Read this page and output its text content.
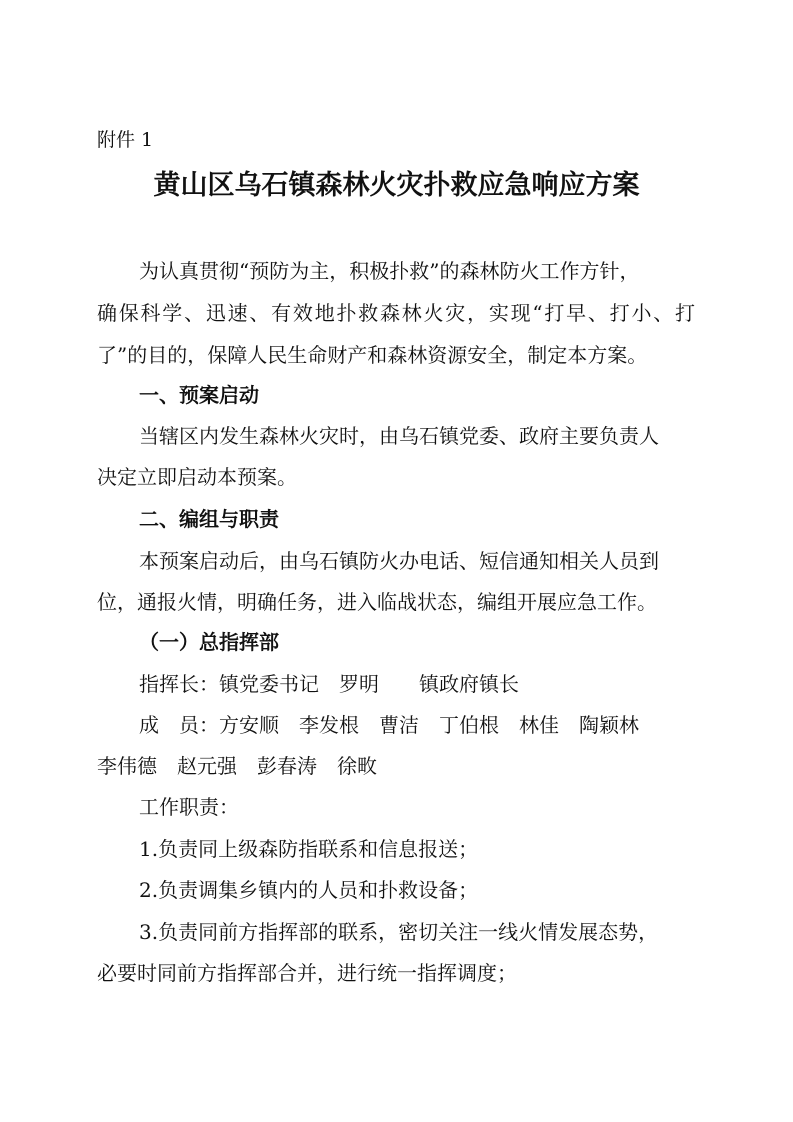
附件 1
黄山区乌石镇森林火灾扑救应急响应方案
为认真贯彻“预防为主，积极扑救”的森林防火工作方针，
确保科学、迅速、有效地扑救森林火灾，实现“打早、打小、打
了”的目的，保障人民生命财产和森林资源安全，制定本方案。
一、预案启动
当辖区内发生森林火灾时，由乌石镇党委、政府主要负责人
决定立即启动本预案。
二、编组与职责
本预案启动后，由乌石镇防火办电话、短信通知相关人员到
位，通报火情，明确任务，进入临战状态，编组开展应急工作。
（一）总指挥部
指挥长：镇党委书记　罗明　　镇政府镇长
成　员：方安顺　李发根　曹洁　丁伯根　林佳　陶颖林
李伟德　赵元强　彭春涛　徐畋
工作职责：
1.负责同上级森防指联系和信息报送；
2.负责调集乡镇内的人员和扑救设备；
3.负责同前方指挥部的联系，密切关注一线火情发展态势，
必要时同前方指挥部合并，进行统一指挥调度；
